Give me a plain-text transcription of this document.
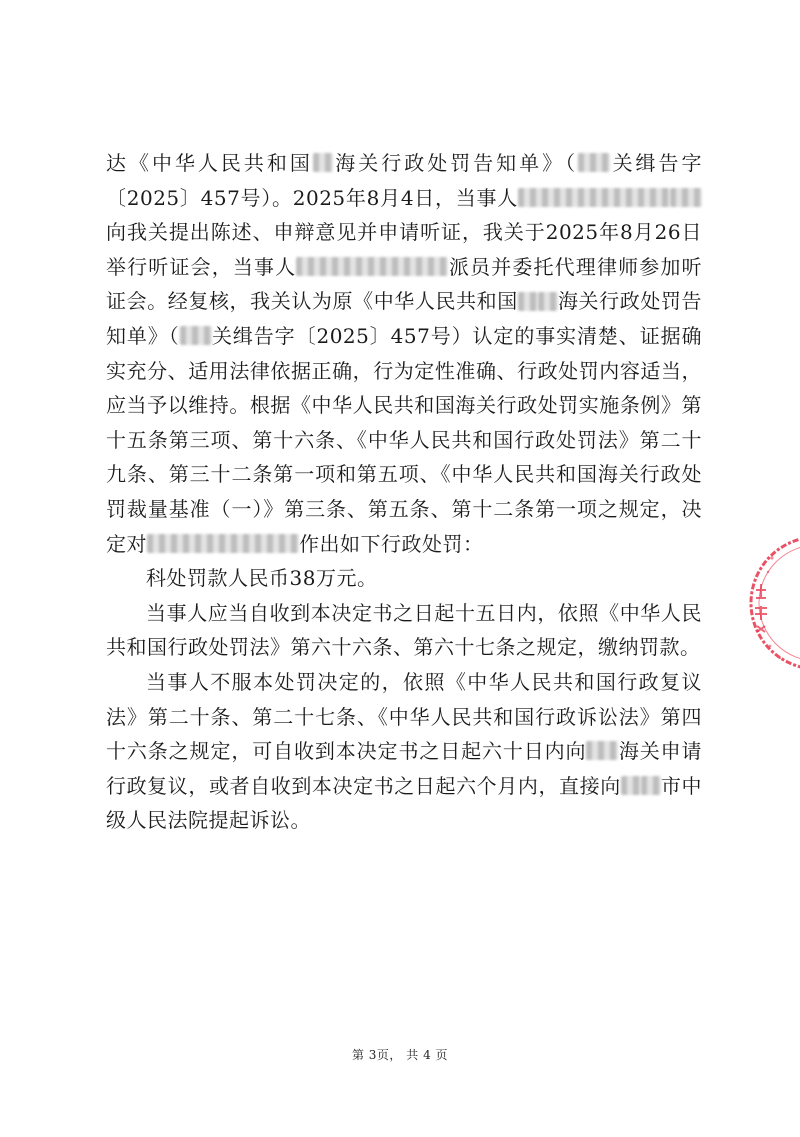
达《中华人民共和国 海关行政处罚告知单》（ 关缉告字〔2025〕457号）。2025年8月4日，当事人向我关提出陈述、申辩意见并申请听证，我关于2025年8月26日举行听证会，当事人	派员并委托代理律师参加听证会。经复核，我关认为原《中华人民共和国 海关行政处罚告知单》（ 关缉告字〔2025〕457号）认定的事实清楚、证据确实充分、适用法律依据正确，行为定性准确、行政处罚内容适当，应当予以维持。根据《中华人民共和国海关行政处罚实施条例》第十五条第三项、第十六条、《中华人民共和国行政处罚法》第二十九条、第三十二条第一项和第五项、《中华人民共和国海关行政处罚裁量基准（一）》第三条、第五条、第十二条第一项之规定，决定对	作出如下行政处罚：

科处罚款人民币38万元。

当事人应当自收到本决定书之日起十五日内，依照《中华人民共和国行政处罚法》第六十六条、第六十七条之规定，缴纳罚款。

当事人不服本处罚决定的，依照《中华人民共和国行政复议法》第二十条、第二十七条、《中华人民共和国行政诉讼法》第四十六条之规定，可自收到本决定书之日起六十日内向 海关申请行政复议，或者自收到本决定书之日起六个月内，直接向 市中级人民法院提起诉讼。

第 3页， 共 4 页
